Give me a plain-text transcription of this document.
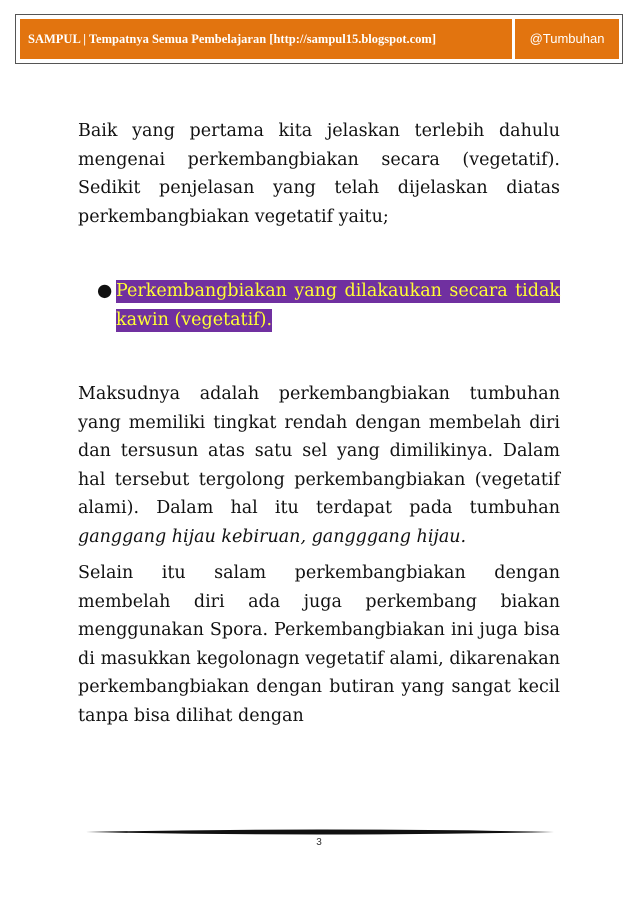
SAMPUL | Tempatnya Semua Pembelajaran [http://sampul15.blogspot.com]	@Tumbuhan

Baik yang pertama kita jelaskan terlebih dahulu mengenai perkembangbiakan secara (vegetatif). Sedikit penjelasan yang telah dijelaskan diatas perkembangbiakan vegetatif yaitu;

● Perkembangbiakan yang dilakaukan secara tidak kawin (vegetatif).

Maksudnya adalah perkembangbiakan tumbuhan yang memiliki tingkat rendah dengan membelah diri dan tersusun atas satu sel yang dimilikinya. Dalam hal tersebut tergolong perkembangbiakan (vegetatif alami). Dalam hal itu terdapat pada tumbuhan ganggang hijau kebiruan, gangggang hijau.

Selain itu salam perkembangbiakan dengan membelah diri ada juga perkembang biakan menggunakan Spora. Perkembangbiakan ini juga bisa di masukkan kegolonagn vegetatif alami, dikarenakan perkembangbiakan dengan butiran yang sangat kecil tanpa bisa dilihat dengan

3
